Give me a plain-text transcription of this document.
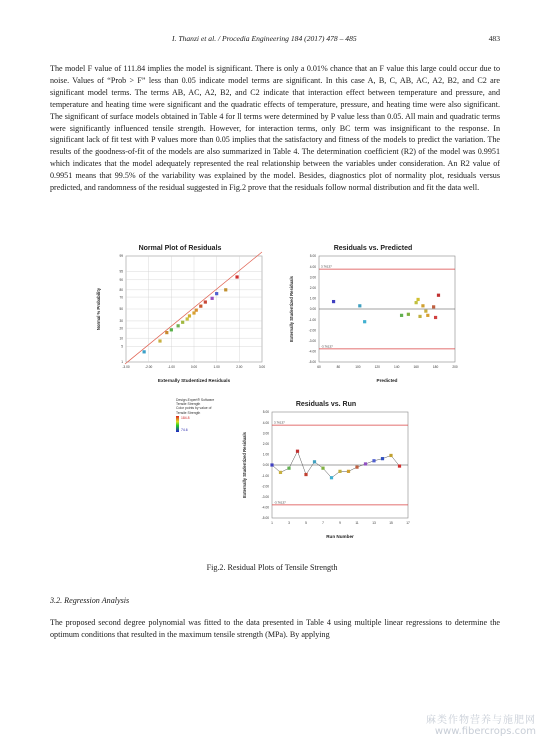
I. Thanzi et al. / Procedia Engineering 184 (2017) 478 – 485	483
The model F value of 111.84 implies the model is significant. There is only a 0.01% chance that an F value this large could occur due to noise. Values of “Prob > F” less than 0.05 indicate model terms are significant. In this case A, B, C, AB, AC, A2, B2, and C2 are significant model terms. The terms AB, AC, A2, B2, and C2 indicate that interaction effect between temperature and pressure, and temperature and heating time were significant and the quadratic effects of temperature, pressure, and heating time were also significant. The significant of surface models obtained in Table 4 for ll terms were determined by P value less than 0.05. All main and quadratic terms were significantly influenced tensile strength. However, for interaction terms, only BC term was insignificant to the response. In significant lack of fit test with P values more than 0.05 implies that the satisfactory and fitness of the models to predict the variation. The results of the goodness-of-fit of the models are also summarized in Table 4. The determination coefficient (R2) of the model was 0.9951 which indicates that the model adequately represented the real relationship between the variables under consideration. An R2 value of 0.9951 means that 99.5% of the variability was explained by the model. Besides, diagnostics plot of normality plot, residuals versus predicted, and randomness of the residual suggested in Fig.2 prove that the residuals follow normal distribution and fit the data well.
Normal Plot of Residuals
1
5
10
20
30
50
70
80
90
95
99
-3.00	-2.00	-1.00	0.00	1.00	2.00	3.00
Externally Studentized Residuals
Normal % Probability
Residuals vs. Predicted
5.00
4.00
3.00
2.00
1.00
0.00
-1.00
-2.00
-3.00
-4.00
-5.00
60	80	100	120	140	160	180	200
Predicted
Externally Studentized Residuals
3.76137
-3.76137
Residuals vs. Run
5.00
4.00
3.00
2.00
1.00
0.00
-1.00
-2.00
-3.00
-4.00
-5.00
1	3	5	7	9	11	13	15	17
Run Number
Externally Studentized Residuals
3.76137
-3.76137
Design-Expert® Software
Tensile Strength
Color points by value of
Tensile Strength
184.8
74.6
Fig.2. Residual Plots of Tensile Strength
3.2. Regression Analysis
The proposed second degree polynomial was fitted to the data presented in Table 4 using multiple linear regressions to determine the optimum conditions that resulted in the maximum tensile strength (MPa). By applying
麻类作物营养与施肥网
www.fibercrops.com
